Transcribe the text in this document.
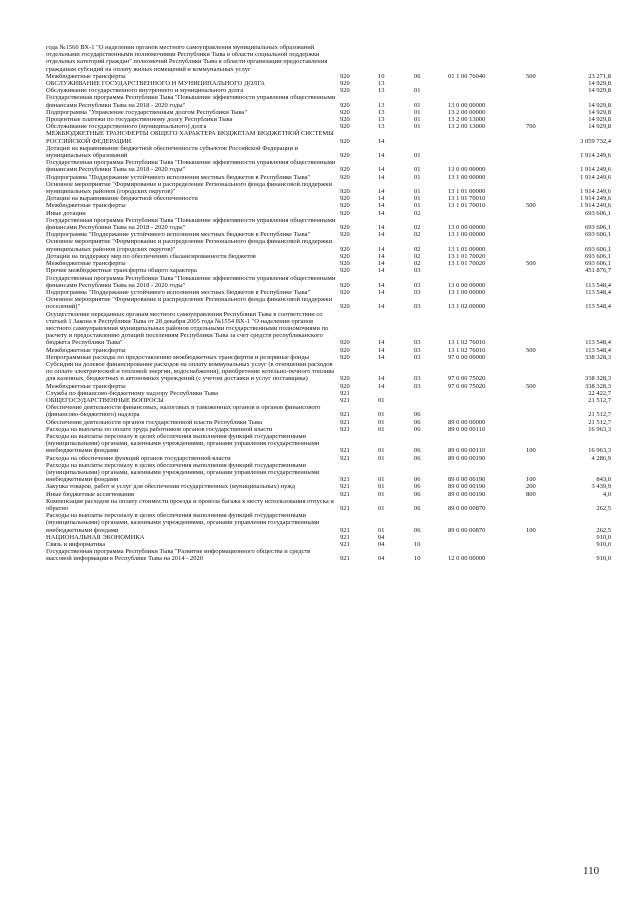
года №1560 ВХ-1 "О наделении органов местного самоуправления муниципальных образований отдельными государственными полномочиями Республики Тыва в области социальной поддержки отдельных категорий граждан" полномочий Республики Тыва в области организации предоставления гражданам субсидий на оплату жилых помещений и коммунальных услуг						
Межбюджетные трансферты	920	10	06	01 1 00 76040	500	23 271,8
ОБСЛУЖИВАНИЕ ГОСУДАРСТВЕННОГО И МУНИЦИПАЛЬНОГО ДОЛГА	920	13				14 929,8
Обслуживание государственного внутреннего и муниципального долга	920	13	01			14 929,8
Государственная программа Республики Тыва "Повышение эффективности управления общественными финансами Республики Тыва на 2018 - 2020 годы"	920	13	01	13 0 00 00000		14 929,8
Подпрограмма "Управление государственным долгом Республики Тыва"	920	13	01	13 2 00 00000		14 929,8
Процентные платежи по государственному долгу Республики Тыва	920	13	01	13 2 00 13000		14 929,8
Обслуживание государственного (муниципального) долга	920	13	01	13 2 00 13000	700	14 929,8
МЕЖБЮДЖЕТНЫЕ ТРАНСФЕРТЫ ОБЩЕГО ХАРАКТЕРА БЮДЖЕТАМ БЮДЖЕТНОЙ СИСТЕМЫ РОССИЙСКОЙ ФЕДЕРАЦИИ	920	14				3 059 732,4
Дотации на выравнивание бюджетной обеспеченности субъектов Российской Федерации и муниципальных образований	920	14	01			1 914 249,6
Государственная программа Республики Тыва "Повышение эффективности управления общественными финансами Республики Тыва на 2018 - 2020 годы"	920	14	01	13 0 00 00000		1 914 249,6
Подпрограмма "Поддержание устойчивого исполнения местных бюджетов в Республике Тыва"	920	14	01	13 1 00 00000		1 914 249,6
Основное мероприятие "Формирование и распределение Регионального фонда финансовой поддержки муниципальных районов (городских округов)"	920	14	01	13 1 01 00000		1 914 249,6
Дотации на выравнивание бюджетной обеспеченности	920	14	01	13 1 01 70010		1 914 249,6
Межбюджетные трансферты	920	14	01	13 1 01 70010	500	1 914 249,6
Иные дотации	920	14	02			693 606,1
Государственная программа Республики Тыва "Повышение эффективности управления общественными финансами Республики Тыва на 2018 - 2020 годы"	920	14	02	13 0 00 00000		693 606,1
Подпрограмма "Поддержание устойчивого исполнения местных бюджетов в Республике Тыва"	920	14	02	13 1 00 00000		693 606,1
Основное мероприятие "Формирование и распределение Регионального фонда финансовой поддержки муниципальных районов (городских округов)"	920	14	02	13 1 01 00000		693 606,1
Дотации на поддержку мер по обеспечению сбалансированности бюджетов	920	14	02	13 1 01 70020		693 606,1
Межбюджетные трансферты	920	14	02	13 1 01 70020	500	693 606,1
Прочие межбюджетные трансферты общего характера	920	14	03			451 876,7
Государственная программа Республики Тыва "Повышение эффективности управления общественными финансами Республики Тыва на 2018 - 2020 годы"	920	14	03	13 0 00 00000		113 548,4
Подпрограмма "Поддержание устойчивого исполнения местных бюджетов в Республике Тыва"	920	14	03	13 1 00 00000		113 548,4
Основное мероприятие "Формирование и распределение Регионального фонда финансовой поддержки поселений)"	920	14	03	13 1 02 00000		113 548,4
Осуществление переданных органам местного самоуправления Республики Тыва в соответствии со статьей 1 Закона в Республики Тыва от 28 декабря 2005 года №1554 ВХ-1 "О наделении органов местного самоуправления муниципальных районов отдельными государственными полномочиями по расчету и предоставлению дотаций поселениям Республики Тыва за счет средств республиканского бюджета Республики Тыва"	920	14	03	13 1 02 76010		113 548,4
Межбюджетные трансферты	920	14	03	13 1 02 76010	500	113 548,4
Непрограммные расходы по предоставлению межбюджетных трансфертов и резервные фонды	920	14	03	97 0 00 00000		338 328,3
Субсидии на долевое финансирование расходов на оплату коммунальных услуг (в отношении расходов по оплате электрической и тепловой энергии, водоснабжения), приобретение котельно-печного топлива для казенных, бюджетных и автономных учреждений (с учетом доставки и услуг поставщика)	920	14	03	97 0 00 75020		338 328,3
Межбюджетные трансферты	920	14	03	97 0 00 75020	500	338 328,3
Служба по финансово-бюджетному надзору Республики Тыва	921					22 422,7
ОБЩЕГОСУДАРСТВЕННЫЕ ВОПРОСЫ	921	01				21 512,7
Обеспечение деятельности финансовых, налоговых и таможенных органов и органов финансового (финансово-бюджетного) надзора	921	01	06			21 512,7
Обеспечение деятельности органов государственной власти Республики Тыва	921	01	06	89 0 00 00000		21 512,7
Расходы на выплаты по оплате труда работников органов государственной власти	921	01	06	89 0 00 00110		16 963,3
Расходы на выплаты персоналу в целях обеспечения выполнения функций государственными (муниципальными) органами, казенными учреждениями, органами управления государственными внебюджетными фондами	921	01	06	89 0 00 00110	100	16 963,3
Расходы на обеспечение функций органов государственной власти	921	01	06	89 0 00 00190		4 286,9
Расходы на выплаты персоналу в целях обеспечения выполнения функций государственными (муниципальными) органами, казенными учреждениями, органами управления государственными внебюджетными фондами	921	01	06	89 0 00 00190	100	843,0
Закупка товаров, работ и услуг для обеспечения государственных (муниципальных) нужд	921	01	06	89 0 00 00190	200	3 439,9
Иные бюджетные ассигнования	921	01	06	89 0 00 00190	800	4,0
Компенсация расходов на оплату стоимости проезда и провоза багажа к месту использования отпуска и обратно	921	01	06	89 0 00 00870		262,5
Расходы на выплаты персоналу в целях обеспечения выполнения функций государственными (муниципальными) органами, казенными учреждениями, органами управления государственными внебюджетными фондами	921	01	06	89 0 00 00870	100	262,5
НАЦИОНАЛЬНАЯ ЭКОНОМИКА	921	04				910,0
Связь и информатика	921	04	10			910,0
Государственная программа Республики Тыва "Развитие информационного общества и средств массовой информации в Республике Тыва на 2014 - 2020	921	04	10	12 0 00 00000		910,0
110
